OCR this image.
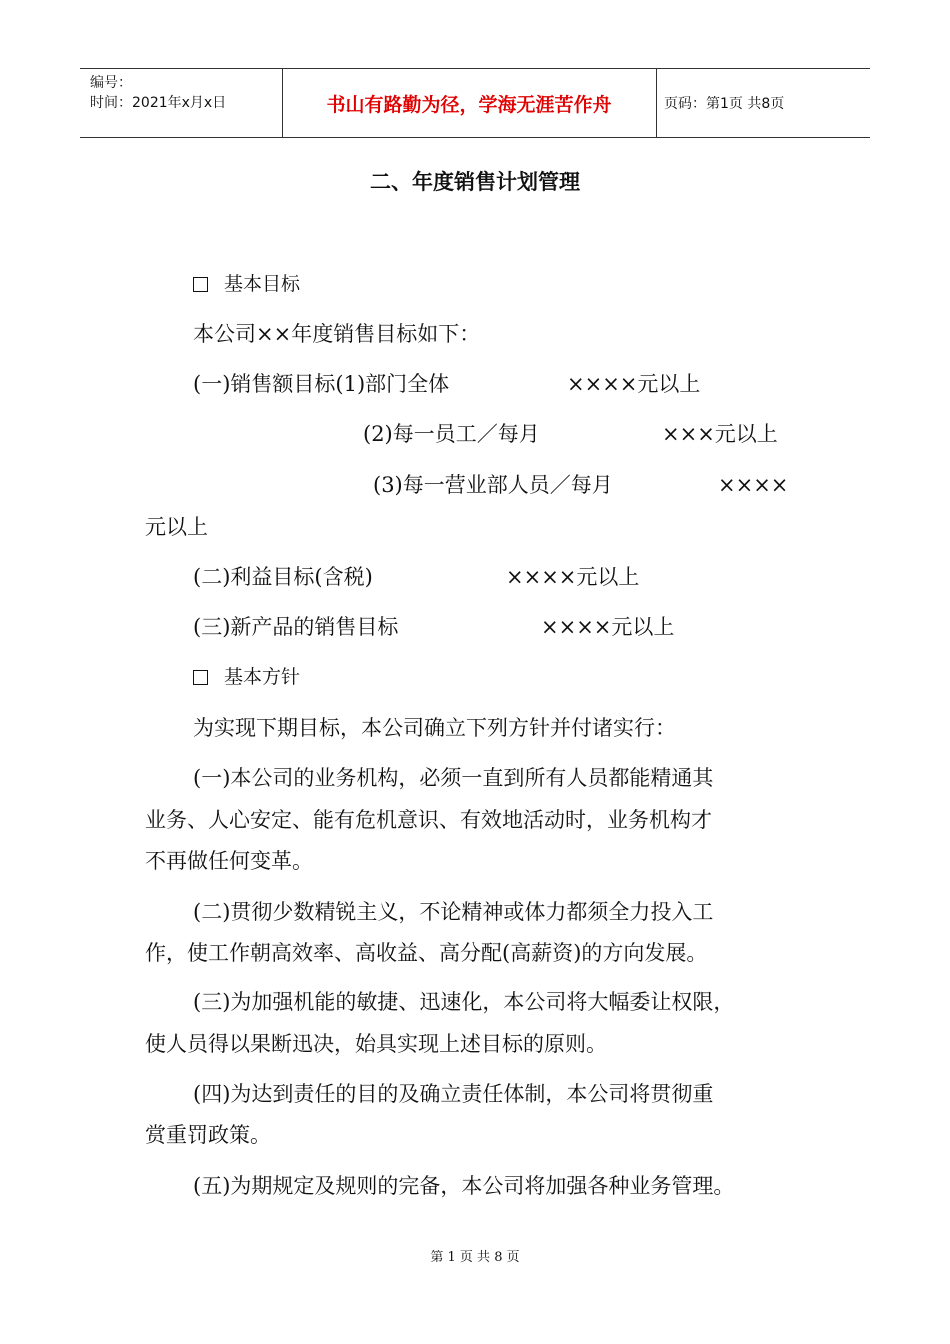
编号：
时间：2021年x月x日	书山有路勤为径，学海无涯苦作舟	页码：第1页 共8页
二、年度销售计划管理
基本目标
本公司××年度销售目标如下：
(一)销售额目标(1)部门全体	××××元以上
(2)每一员工／每月	×××元以上
(3)每一营业部人员／每月	××××
元以上
(二)利益目标(含税)	××××元以上
(三)新产品的销售目标	××××元以上
基本方针
为实现下期目标，本公司确立下列方针并付诸实行：
(一)本公司的业务机构，必须一直到所有人员都能精通其
业务、人心安定、能有危机意识、有效地活动时，业务机构才
不再做任何变革。
(二)贯彻少数精锐主义，不论精神或体力都须全力投入工
作，使工作朝高效率、高收益、高分配(高薪资)的方向发展。
(三)为加强机能的敏捷、迅速化，本公司将大幅委让权限，
使人员得以果断迅决，始具实现上述目标的原则。
(四)为达到责任的目的及确立责任体制，本公司将贯彻重
赏重罚政策。
(五)为期规定及规则的完备，本公司将加强各种业务管理。
第 1 页 共 8 页
